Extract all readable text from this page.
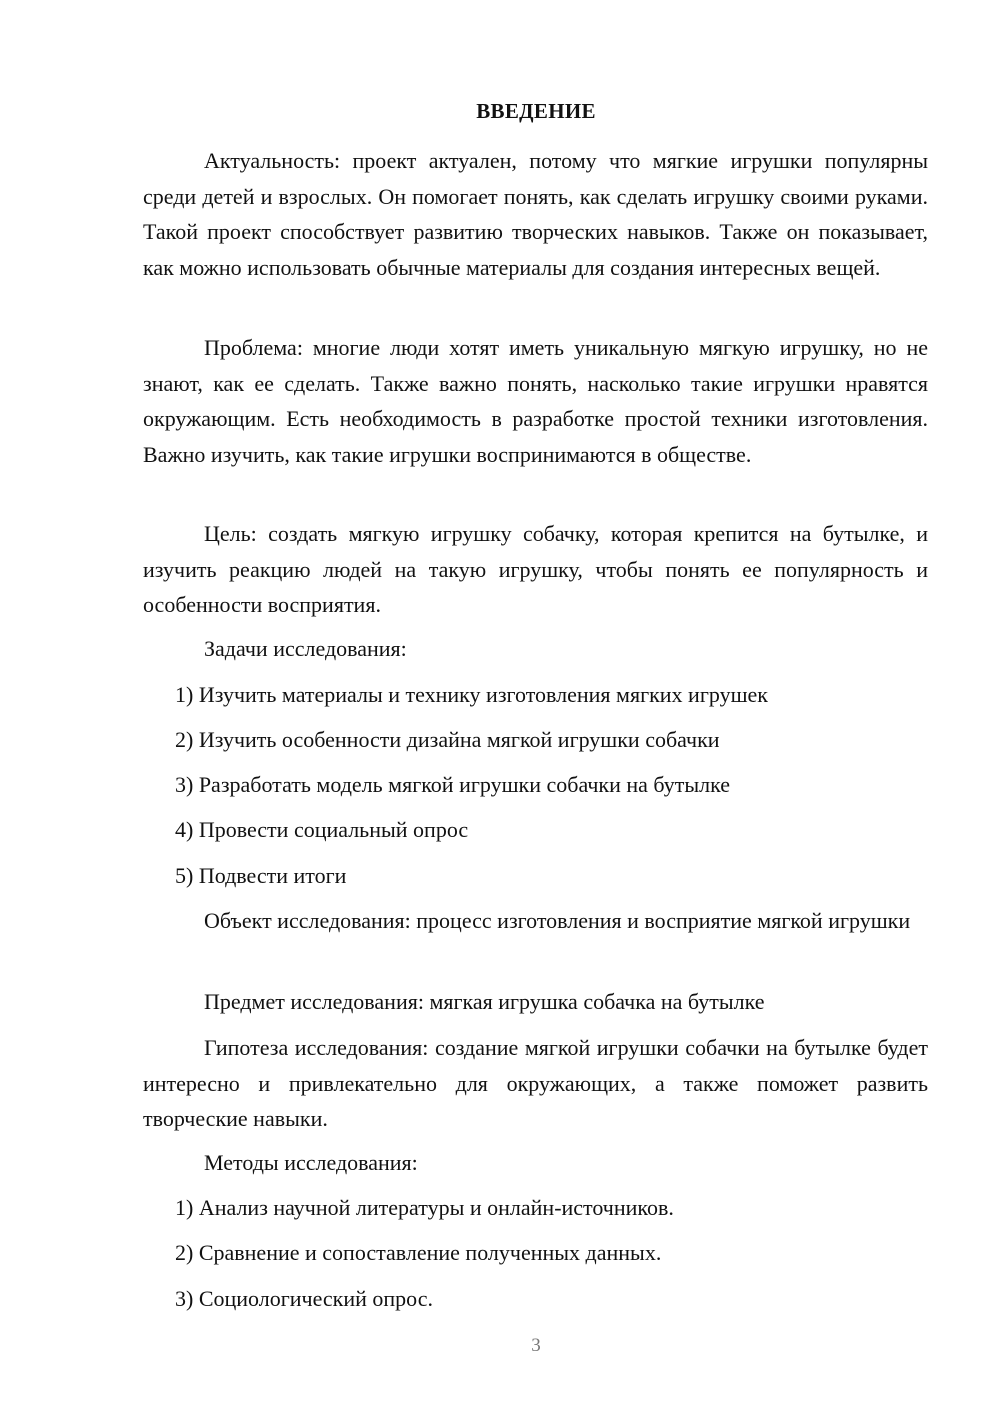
ВВЕДЕНИЕ

Актуальность: проект актуален, потому что мягкие игрушки популярны среди детей и взрослых. Он помогает понять, как сделать игрушку своими руками. Такой проект способствует развитию творческих навыков. Также он показывает, как можно использовать обычные материалы для создания интересных вещей.

Проблема: многие люди хотят иметь уникальную мягкую игрушку, но не знают, как ее сделать. Также важно понять, насколько такие игрушки нравятся окружающим. Есть необходимость в разработке простой техники изготовления. Важно изучить, как такие игрушки воспринимаются в обществе.

Цель: создать мягкую игрушку собачку, которая крепится на бутылке, и изучить реакцию людей на такую игрушку, чтобы понять ее популярность и особенности восприятия.

Задачи исследования:

1) Изучить материалы и технику изготовления мягких игрушек

2) Изучить особенности дизайна мягкой игрушки собачки

3) Разработать модель мягкой игрушки собачки на бутылке

4) Провести социальный опрос

5) Подвести итоги

Объект исследования: процесс изготовления и восприятие мягкой игрушки

Предмет исследования: мягкая игрушка собачка на бутылке

Гипотеза исследования: создание мягкой игрушки собачки на бутылке будет интересно и привлекательно для окружающих, а также поможет развить творческие навыки.

Методы исследования:

1) Анализ научной литературы и онлайн-источников.

2) Сравнение и сопоставление полученных данных.

3) Социологический опрос.

3
